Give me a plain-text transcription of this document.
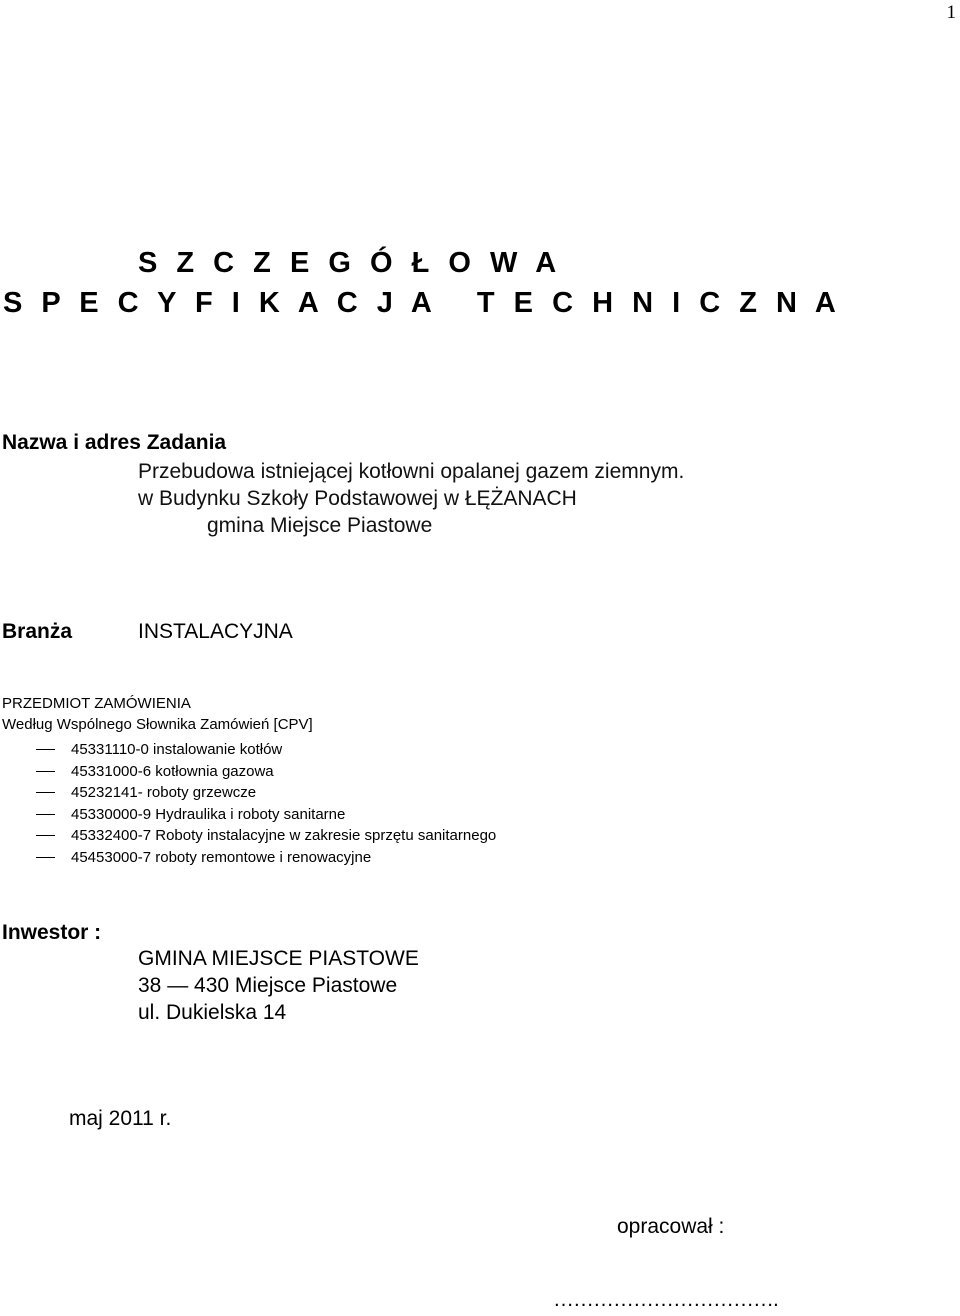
1
S Z C Z E G Ó Ł O W A
S P E C Y F I K A C J A   T E C H N I C Z N A
Nazwa i adres Zadania
Przebudowa istniejącej kotłowni opalanej gazem ziemnym.
w Budynku Szkoły Podstawowej w ŁĘŻANACH
gmina Miejsce Piastowe
Branża	INSTALACYJNA
PRZEDMIOT ZAMÓWIENIA
Według Wspólnego Słownika Zamówień [CPV]
45331110-0 instalowanie kotłów
45331000-6 kotłownia gazowa
45232141- roboty grzewcze
45330000-9 Hydraulika i roboty sanitarne
45332400-7 Roboty instalacyjne w zakresie sprzętu sanitarnego
45453000-7 roboty remontowe i renowacyjne
Inwestor :
GMINA MIEJSCE PIASTOWE
38 — 430 Miejsce Piastowe
ul. Dukielska 14
maj 2011 r.
opracował :
…………………………….
